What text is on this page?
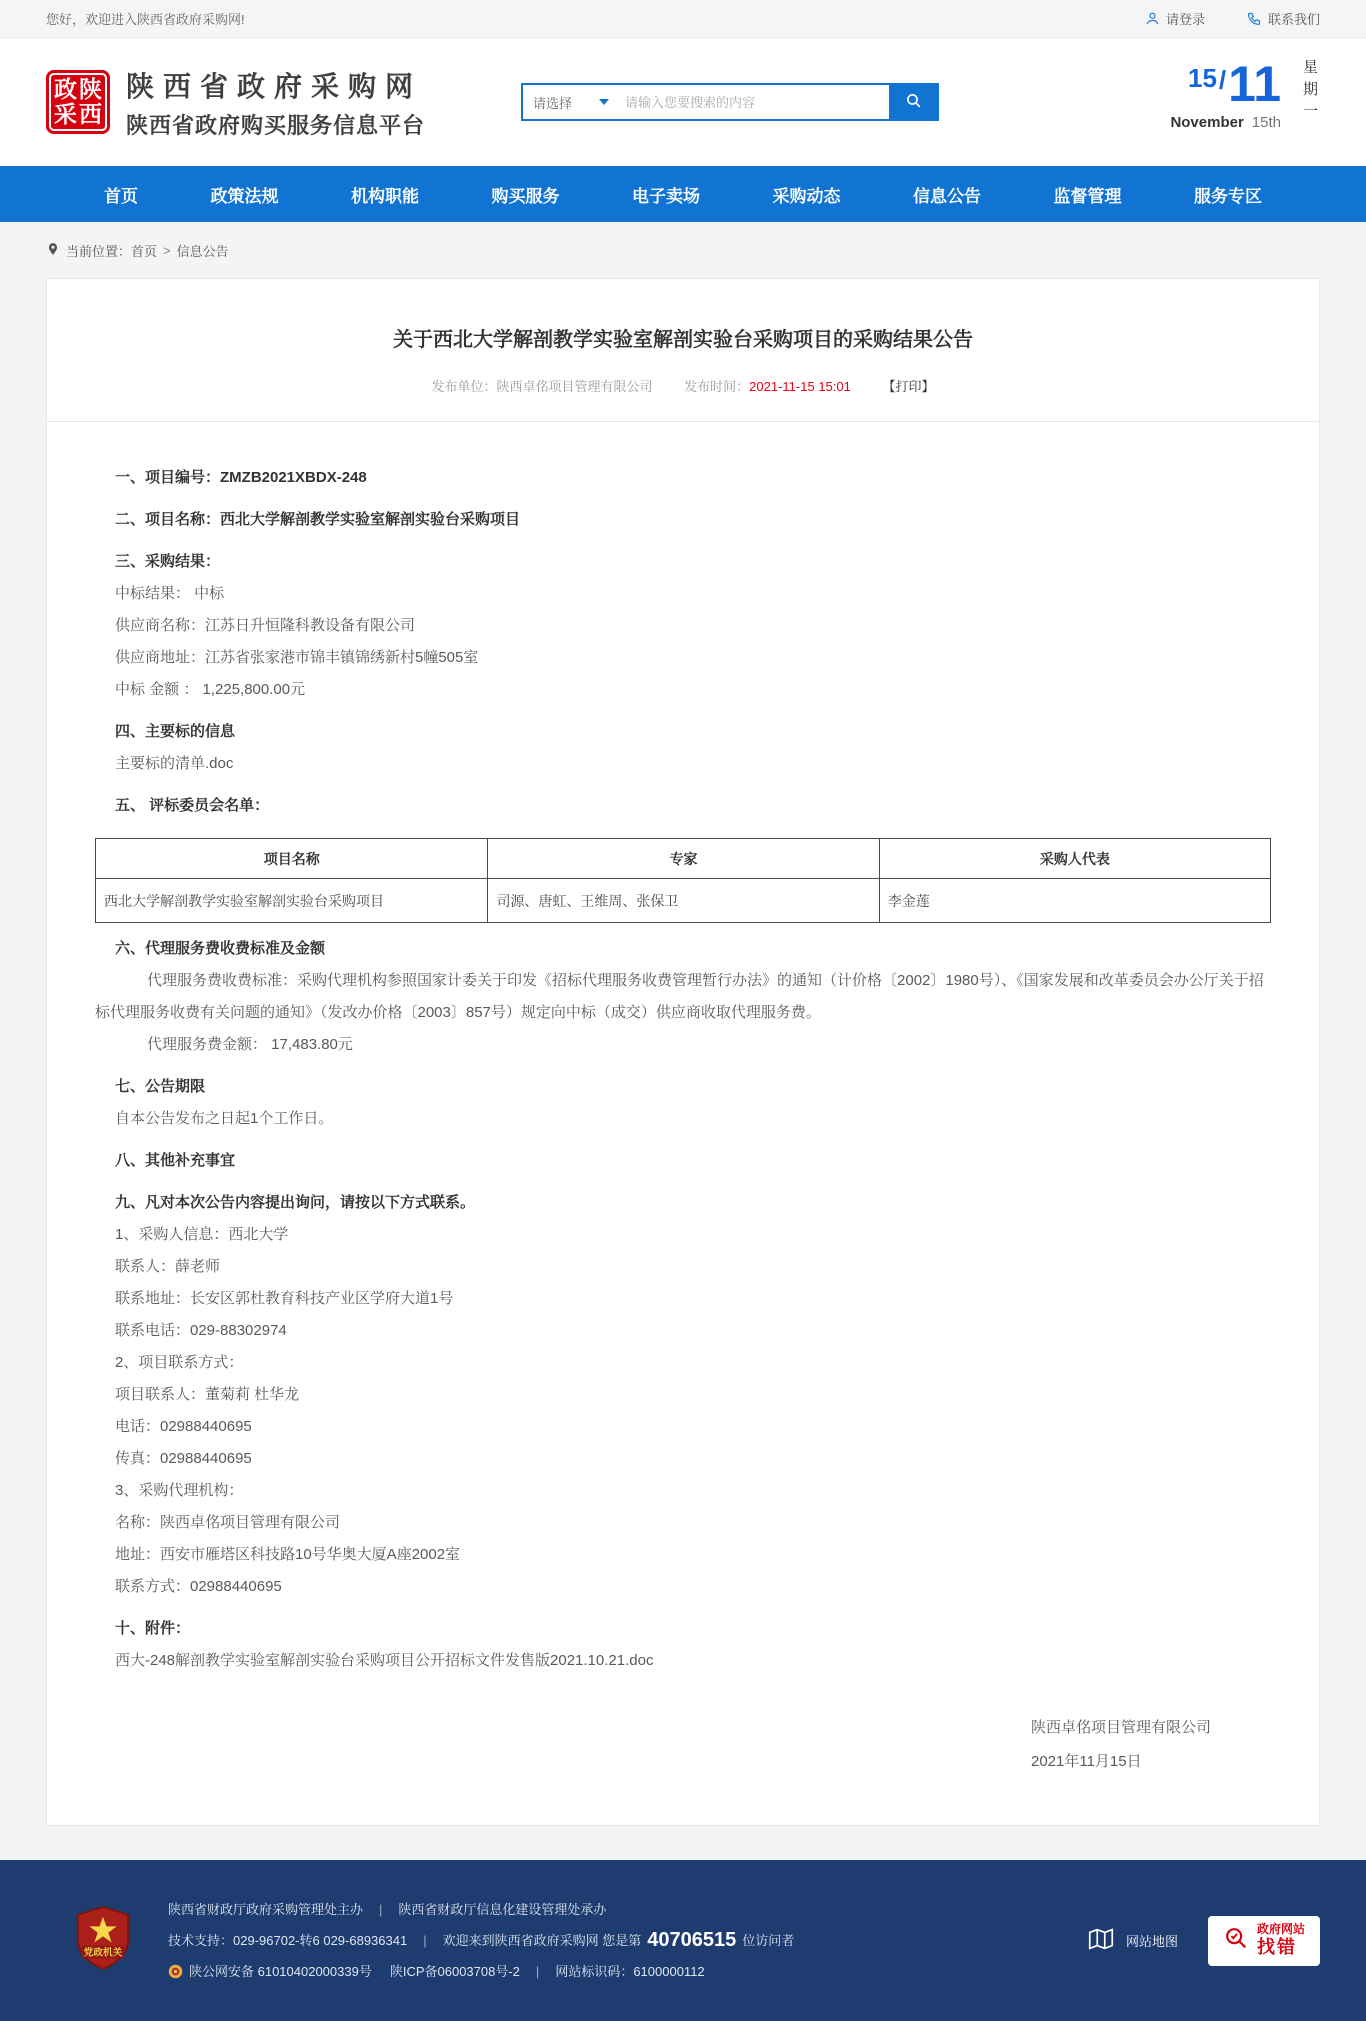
您好，欢迎进入陕西省政府采购网!	请登录	联系我们
政 陕
采 西
陕西省政府采购网
陕西省政府购买服务信息平台
请选择
请输入您要搜索的内容
15/11
November 15th 星期一
首页	政策法规	机构职能	购买服务	电子卖场	采购动态	信息公告	监督管理	服务专区
当前位置： 首页 > 信息公告
关于西北大学解剖教学实验室解剖实验台采购项目的采购结果公告
发布单位：陕西卓佲项目管理有限公司 发布时间：2021-11-15 15:01 【打印】

一、项目编号：ZMZB2021XBDX-248

二、项目名称：西北大学解剖教学实验室解剖实验台采购项目

三、采购结果：

中标结果： 中标

供应商名称：江苏日升恒隆科教设备有限公司

供应商地址：江苏省张家港市锦丰镇锦绣新村5幢505室

中标 金额 ： 1,225,800.00元

四、主要标的信息

主要标的清单.doc

五、 评标委员会名单：

项目名称	专家	采购人代表
西北大学解剖教学实验室解剖实验台采购项目	司源、唐虹、王维周、张保卫	李金莲

六、代理服务费收费标准及金额

代理服务费收费标准：采购代理机构参照国家计委关于印发《招标代理服务收费管理暂行办法》的通知（计价格〔2002〕1980号）、《国家发展和改革委员会办公厅关于招标代理服务收费有关问题的通知》（发改办价格〔2003〕857号）规定向中标（成交）供应商收取代理服务费。

代理服务费金额： 17,483.80元

七、公告期限

自本公告发布之日起1个工作日。

八、其他补充事宜

九、凡对本次公告内容提出询问，请按以下方式联系。

1、采购人信息：西北大学

联系人：薛老师

联系地址：长安区郭杜教育科技产业区学府大道1号

联系电话：029-88302974

2、项目联系方式：

项目联系人：董菊莉 杜华龙

电话：02988440695

传真：02988440695

3、采购代理机构：

名称：陕西卓佲项目管理有限公司

地址：西安市雁塔区科技路10号华奥大厦A座2002室

联系方式：02988440695

十、附件：

西大-248解剖教学实验室解剖实验台采购项目公开招标文件发售版2021.10.21.doc

陕西卓佲项目管理有限公司
2021年11月15日
党政机关
陕西省财政厅政府采购管理处主办 | 陕西省财政厅信息化建设管理处承办
技术支持：029-96702-转6 029-68936341 | 欢迎来到陕西省政府采购网 您是第 40706515 位访问者
陕公网安备 61010402000339号 陕ICP备06003708号-2 | 网站标识码：6100000112
网站地图
政府网站
找错
